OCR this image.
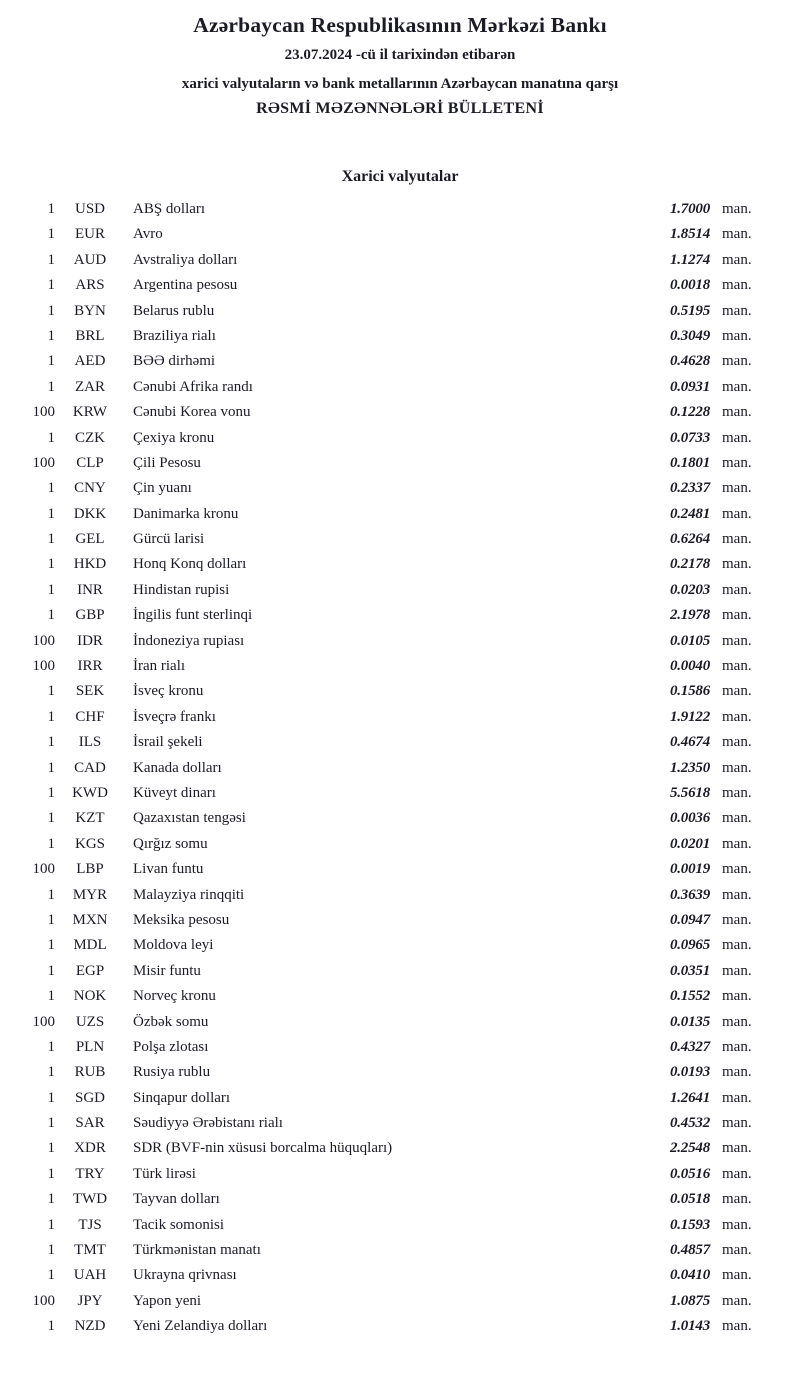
Azərbaycan Respublikasının Mərkəzi Bankı
23.07.2024 -cü il tarixindən etibarən
xarici valyutaların və bank metallarının Azərbaycan manatına qarşı
RƏSMİ MƏZƏNNƏLƏRİ BÜLLETENİ
Xarici valyutalar
1	USD	ABŞ dolları	1.7000 man.
1	EUR	Avro	1.8514 man.
1	AUD	Avstraliya dolları	1.1274 man.
1	ARS	Argentina pesosu	0.0018 man.
1	BYN	Belarus rublu	0.5195 man.
1	BRL	Braziliya rialı	0.3049 man.
1	AED	BƏƏ dirhəmi	0.4628 man.
1	ZAR	Cənubi Afrika randı	0.0931 man.
100	KRW	Cənubi Korea vonu	0.1228 man.
1	CZK	Çexiya kronu	0.0733 man.
100	CLP	Çili Pesosu	0.1801 man.
1	CNY	Çin yuanı	0.2337 man.
1	DKK	Danimarka kronu	0.2481 man.
1	GEL	Gürcü larisi	0.6264 man.
1	HKD	Honq Konq dolları	0.2178 man.
1	INR	Hindistan rupisi	0.0203 man.
1	GBP	İngilis funt sterlinqi	2.1978 man.
100	IDR	İndoneziya rupiası	0.0105 man.
100	IRR	İran rialı	0.0040 man.
1	SEK	İsveç kronu	0.1586 man.
1	CHF	İsveçrə frankı	1.9122 man.
1	ILS	İsrail şekeli	0.4674 man.
1	CAD	Kanada dolları	1.2350 man.
1	KWD	Küveyt dinarı	5.5618 man.
1	KZT	Qazaxıstan tengəsi	0.0036 man.
1	KGS	Qırğız somu	0.0201 man.
100	LBP	Livan funtu	0.0019 man.
1	MYR	Malayziya rinqqiti	0.3639 man.
1	MXN	Meksika pesosu	0.0947 man.
1	MDL	Moldova leyi	0.0965 man.
1	EGP	Misir funtu	0.0351 man.
1	NOK	Norveç kronu	0.1552 man.
100	UZS	Özbək somu	0.0135 man.
1	PLN	Polşa zlotası	0.4327 man.
1	RUB	Rusiya rublu	0.0193 man.
1	SGD	Sinqapur dolları	1.2641 man.
1	SAR	Səudiyyə Ərəbistanı rialı	0.4532 man.
1	XDR	SDR (BVF-nin xüsusi borcalma hüquqları)	2.2548 man.
1	TRY	Türk lirəsi	0.0516 man.
1	TWD	Tayvan dolları	0.0518 man.
1	TJS	Tacik somonisi	0.1593 man.
1	TMT	Türkmənistan manatı	0.4857 man.
1	UAH	Ukrayna qrivnası	0.0410 man.
100	JPY	Yapon yeni	1.0875 man.
1	NZD	Yeni Zelandiya dolları	1.0143 man.
